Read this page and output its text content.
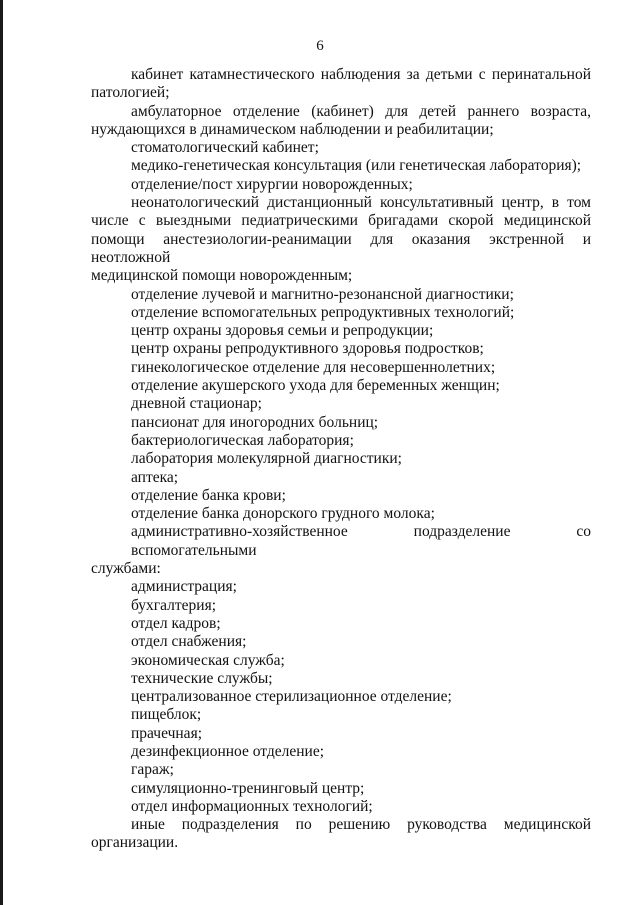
6

кабинет катамнестического наблюдения за детьми с перинатальной

патологией;

амбулаторное отделение (кабинет) для детей раннего возраста,

нуждающихся в динамическом наблюдении и реабилитации;

стоматологический кабинет;

медико-генетическая консультация (или генетическая лаборатория);

отделение/пост хирургии новорожденных;

неонатологический дистанционный консультативный центр, в том

числе с выездными педиатрическими бригадами скорой медицинской

помощи анестезиологии-реанимации для оказания экстренной и неотложной

медицинской помощи новорожденным;

отделение лучевой и магнитно-резонансной диагностики;

отделение вспомогательных репродуктивных технологий;

центр охраны здоровья семьи и репродукции;

центр охраны репродуктивного здоровья подростков;

гинекологическое отделение для несовершеннолетних;

отделение акушерского ухода для беременных женщин;

дневной стационар;

пансионат для иногородних больниц;

бактериологическая лаборатория;

лаборатория молекулярной диагностики;

аптека;

отделение банка крови;

отделение банка донорского грудного молока;

административно-хозяйственное подразделение со вспомогательными

службами:

администрация;

бухгалтерия;

отдел кадров;

отдел снабжения;

экономическая служба;

технические службы;

централизованное стерилизационное отделение;

пищеблок;

прачечная;

дезинфекционное отделение;

гараж;

симуляционно-тренинговый центр;

отдел информационных технологий;

иные подразделения по решению руководства медицинской

организации.
